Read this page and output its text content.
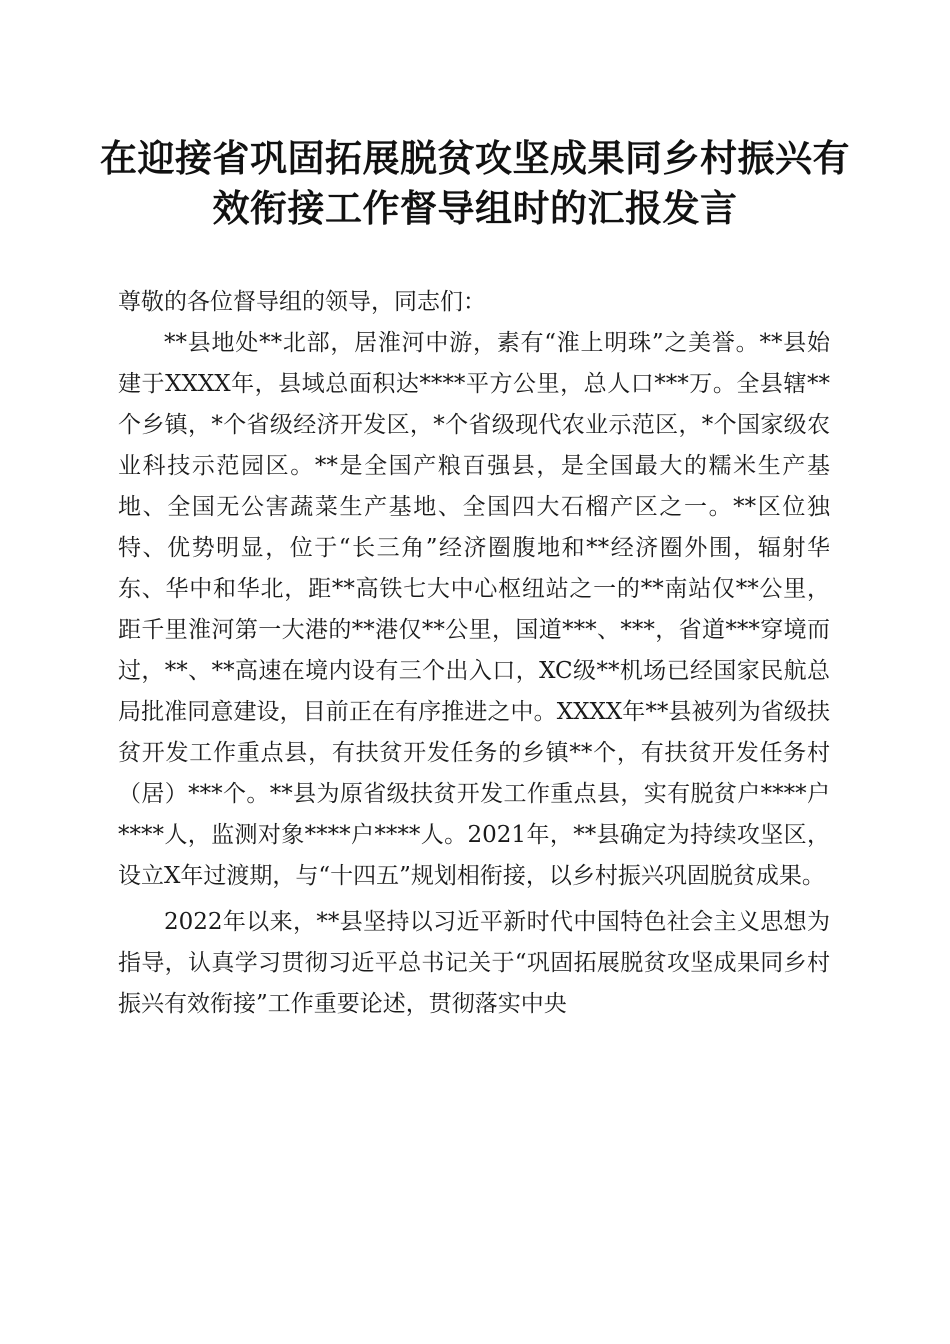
在迎接省巩固拓展脱贫攻坚成果同乡村振兴有
效衔接工作督导组时的汇报发言

尊敬的各位督导组的领导，同志们：

**县地处**北部，居淮河中游，素有“淮上明珠”之美誉。**县始建于XXXX年，县域总面积达****平方公里，总人口***万。全县辖**个乡镇，*个省级经济开发区，*个省级现代农业示范区，*个国家级农业科技示范园区。**是全国产粮百强县，是全国最大的糯米生产基地、全国无公害蔬菜生产基地、全国四大石榴产区之一。**区位独特、优势明显，位于“长三角”经济圈腹地和**经济圈外围，辐射华东、华中和华北，距**高铁七大中心枢纽站之一的**南站仅**公里，距千里淮河第一大港的**港仅**公里，国道***、***，省道***穿境而过，**、**高速在境内设有三个出入口，XC级**机场已经国家民航总局批准同意建设，目前正在有序推进之中。XXXX年**县被列为省级扶贫开发工作重点县，有扶贫开发任务的乡镇**个，有扶贫开发任务村（居）***个。**县为原省级扶贫开发工作重点县，实有脱贫户****户****人，监测对象****户****人。2021年，**县确定为持续攻坚区，设立X年过渡期，与“十四五”规划相衔接，以乡村振兴巩固脱贫成果。

2022年以来，**县坚持以习近平新时代中国特色社会主义思想为指导，认真学习贯彻习近平总书记关于“巩固拓展脱贫攻坚成果同乡村振兴有效衔接”工作重要论述，贯彻落实中央
